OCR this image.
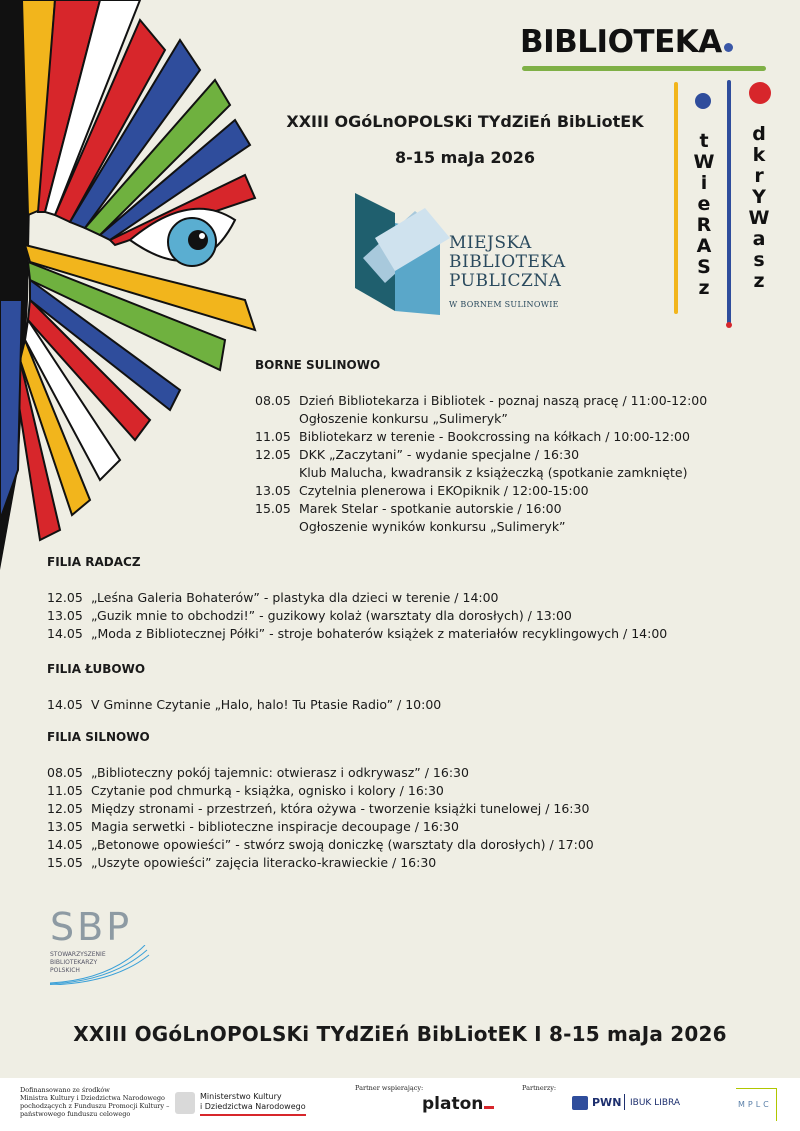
BIBLIOTEKA
t
W
i
e
R
A
S
z
d
k
r
Y
W
a
s
z
XXIII OGóLnOPOLSKi TYdZiEń BibLiotEK
8-15 maJa 2026
MIEJSKA
BIBLIOTEKA
PUBLICZNA
W BORNEM SULINOWIE
BORNE SULINOWO
08.05 Dzień Bibliotekarza i Bibliotek - poznaj naszą pracę / 11:00-12:00
Ogłoszenie konkursu „Sulimeryk”
11.05 Bibliotekarz w terenie - Bookcrossing na kółkach / 10:00-12:00
12.05 DKK „Zaczytani” - wydanie specjalne / 16:30
Klub Malucha, kwadransik z książeczką (spotkanie zamknięte)
13.05 Czytelnia plenerowa i EKOpiknik / 12:00-15:00
15.05 Marek Stelar - spotkanie autorskie / 16:00
Ogłoszenie wyników konkursu „Sulimeryk”
FILIA RADACZ
12.05 „Leśna Galeria Bohaterów” - plastyka dla dzieci w terenie / 14:00
13.05 „Guzik mnie to obchodzi!” - guzikowy kolaż (warsztaty dla dorosłych) / 13:00
14.05 „Moda z Bibliotecznej Półki” - stroje bohaterów książek z materiałów recyklingowych / 14:00
FILIA ŁUBOWO
14.05 V Gminne Czytanie „Halo, halo! Tu Ptasie Radio” / 10:00
FILIA SILNOWO
08.05 „Biblioteczny pokój tajemnic: otwierasz i odkrywasz” / 16:30
11.05 Czytanie pod chmurką - książka, ognisko i kolory / 16:30
12.05 Między stronami - przestrzeń, która ożywa - tworzenie książki tunelowej / 16:30
13.05 Magia serwetki - biblioteczne inspiracje decoupage / 16:30
14.05 „Betonowe opowieści” - stwórz swoją doniczkę (warsztaty dla dorosłych) / 17:00
15.05 „Uszyte opowieści” zajęcia literacko-krawieckie / 16:30
SBP
STOWARZYSZENIE
BIBLIOTEKARZY
POLSKICH
XXIII OGóLnOPOLSKi TYdZiEń BibLiotEK I 8-15 maJa 2026
Dofinansowano ze środków
Ministra Kultury i Dziedzictwa Narodowego
pochodzących z Funduszu Promocji Kultury –
państwowego funduszu celowego
Ministerstwo Kultury
i Dziedzictwa Narodowego
Partner wspierający:
platon
Partnerzy:
PWN IBUK LIBRA	MPLC
